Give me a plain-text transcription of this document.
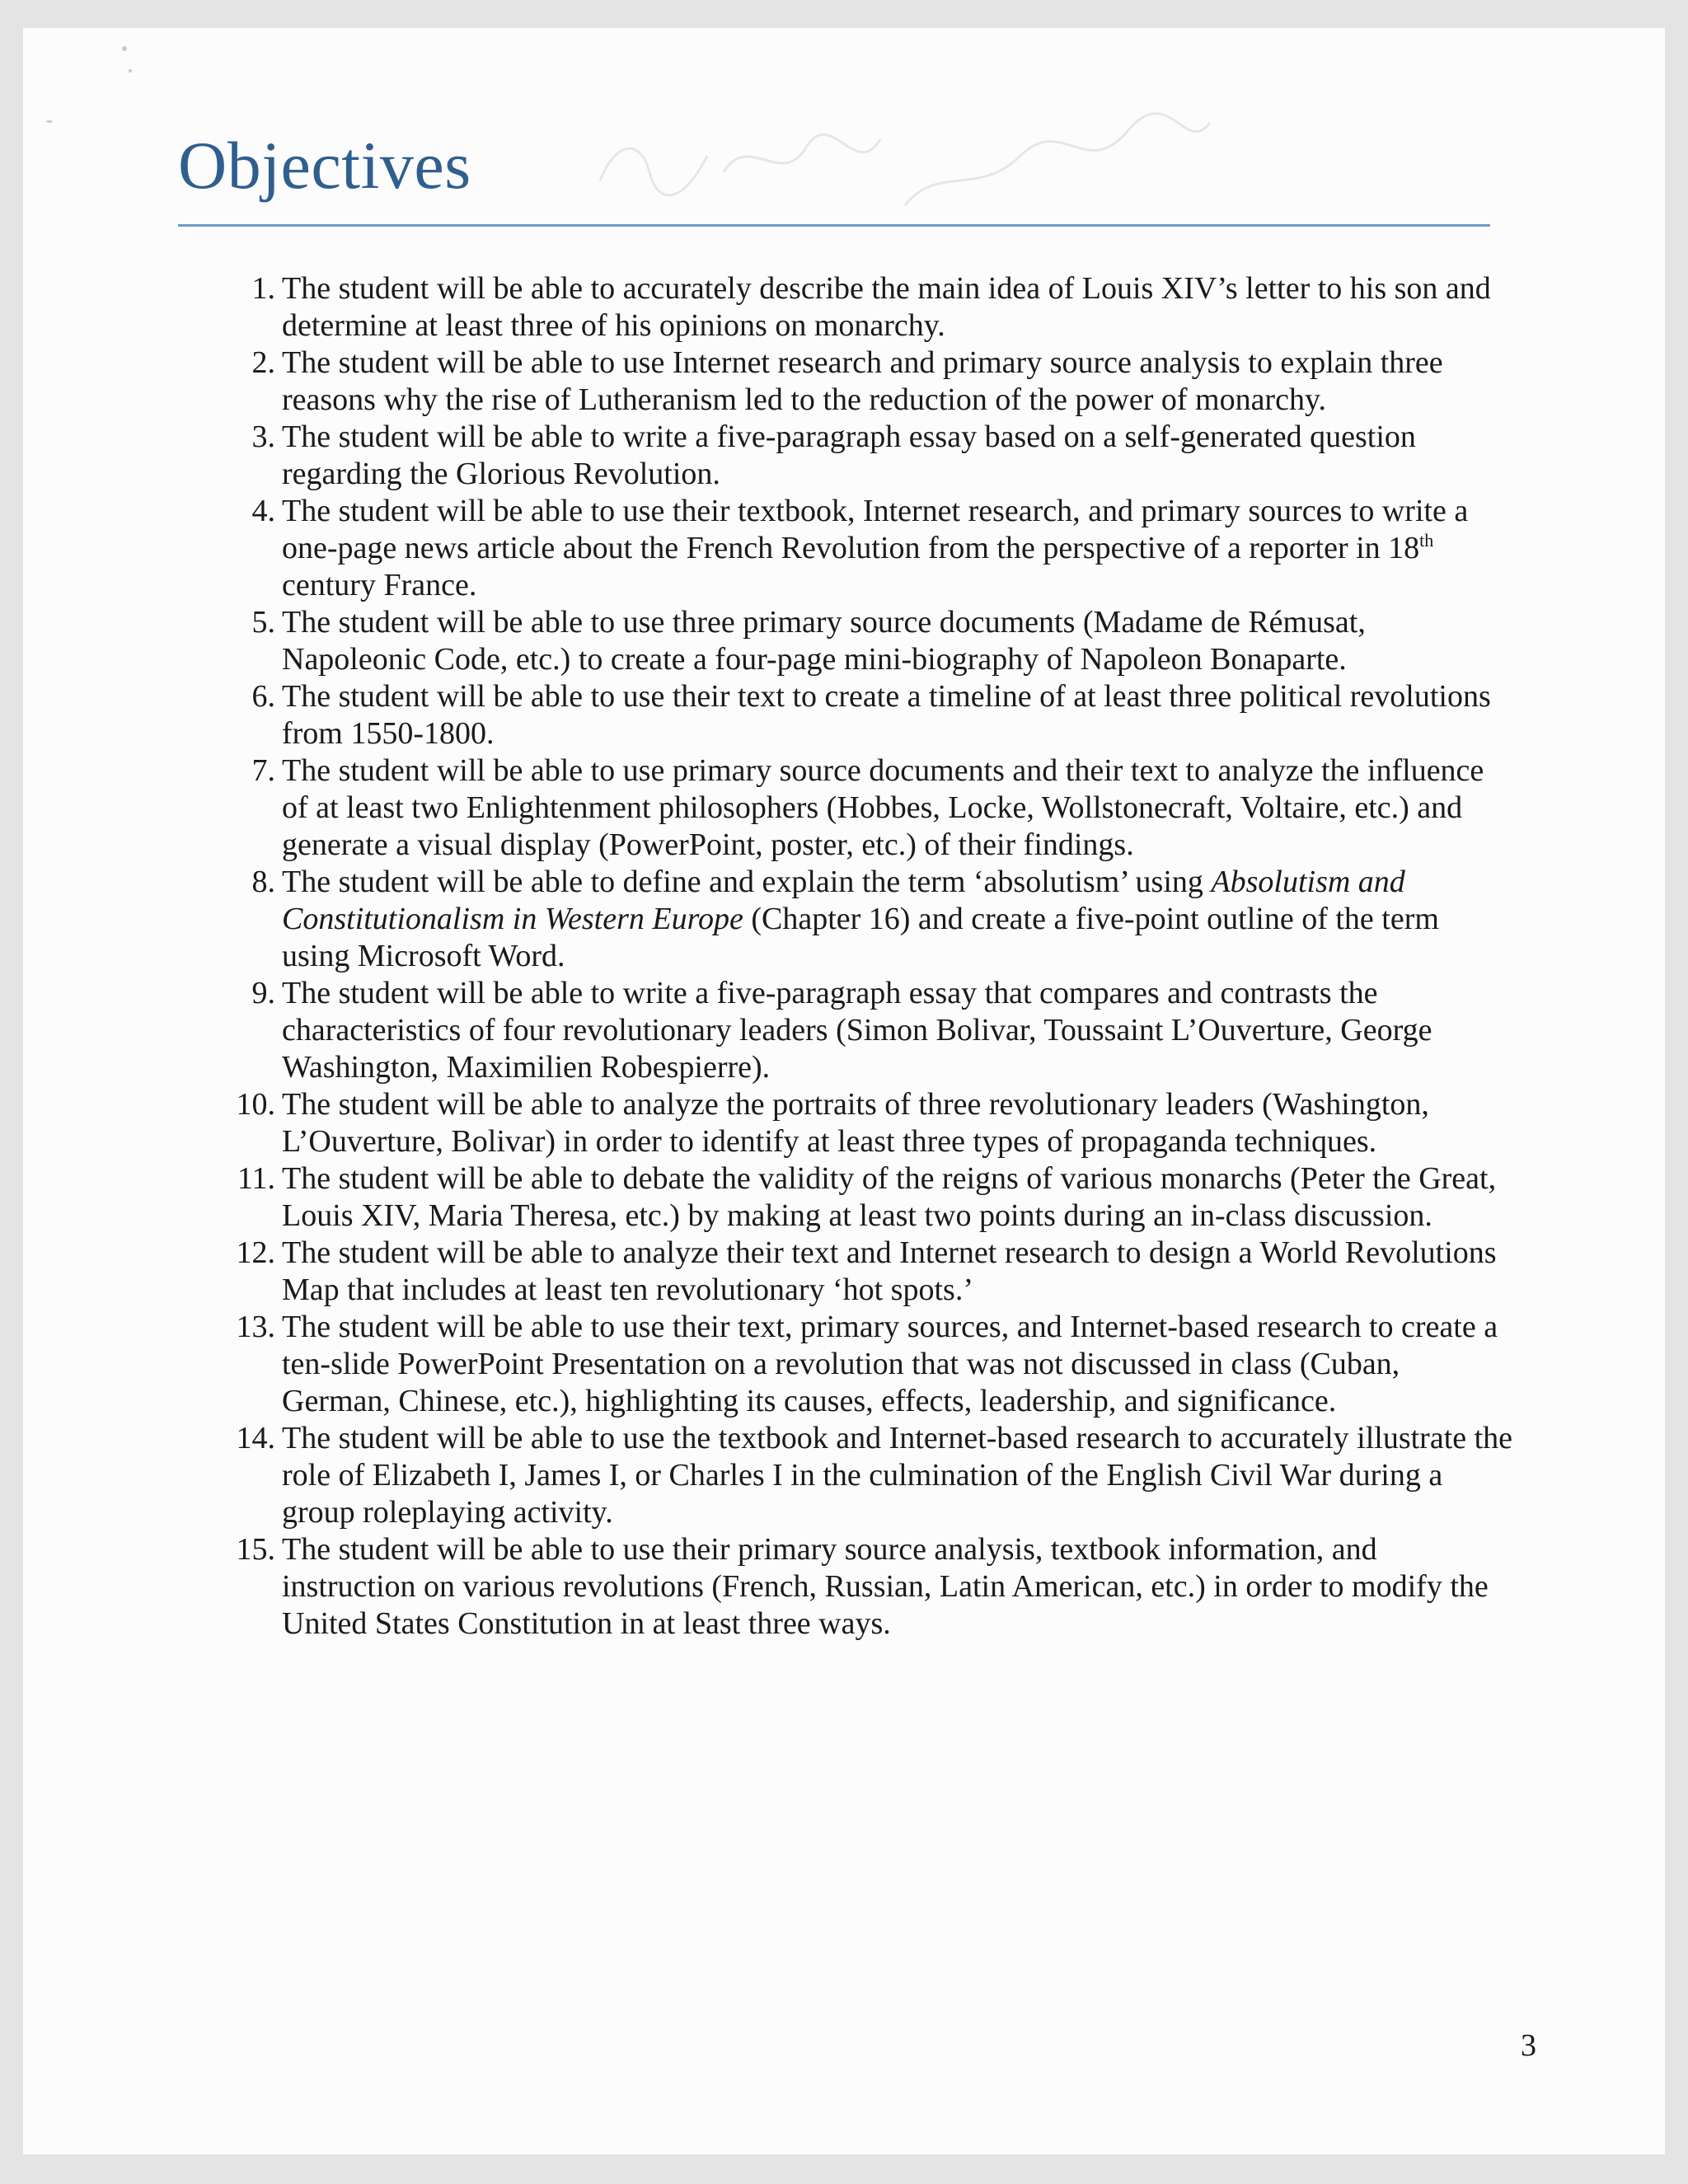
Objectives
1. The student will be able to accurately describe the main idea of Louis XIV’s letter to his son and determine at least three of his opinions on monarchy.
2. The student will be able to use Internet research and primary source analysis to explain three reasons why the rise of Lutheranism led to the reduction of the power of monarchy.
3. The student will be able to write a five-paragraph essay based on a self-generated question regarding the Glorious Revolution.
4. The student will be able to use their textbook, Internet research, and primary sources to write a one-page news article about the French Revolution from the perspective of a reporter in 18th century France.
5. The student will be able to use three primary source documents (Madame de Rémusat, Napoleonic Code, etc.) to create a four-page mini-biography of Napoleon Bonaparte.
6. The student will be able to use their text to create a timeline of at least three political revolutions from 1550-1800.
7. The student will be able to use primary source documents and their text to analyze the influence of at least two Enlightenment philosophers (Hobbes, Locke, Wollstonecraft, Voltaire, etc.) and generate a visual display (PowerPoint, poster, etc.) of their findings.
8. The student will be able to define and explain the term ‘absolutism’ using Absolutism and Constitutionalism in Western Europe (Chapter 16) and create a five-point outline of the term using Microsoft Word.
9. The student will be able to write a five-paragraph essay that compares and contrasts the characteristics of four revolutionary leaders (Simon Bolivar, Toussaint L’Ouverture, George Washington, Maximilien Robespierre).
10. The student will be able to analyze the portraits of three revolutionary leaders (Washington, L’Ouverture, Bolivar) in order to identify at least three types of propaganda techniques.
11. The student will be able to debate the validity of the reigns of various monarchs (Peter the Great, Louis XIV, Maria Theresa, etc.) by making at least two points during an in-class discussion.
12. The student will be able to analyze their text and Internet research to design a World Revolutions Map that includes at least ten revolutionary ‘hot spots.’
13. The student will be able to use their text, primary sources, and Internet-based research to create a ten-slide PowerPoint Presentation on a revolution that was not discussed in class (Cuban, German, Chinese, etc.), highlighting its causes, effects, leadership, and significance.
14. The student will be able to use the textbook and Internet-based research to accurately illustrate the role of Elizabeth I, James I, or Charles I in the culmination of the English Civil War during a group roleplaying activity.
15. The student will be able to use their primary source analysis, textbook information, and instruction on various revolutions (French, Russian, Latin American, etc.) in order to modify the United States Constitution in at least three ways.
3
